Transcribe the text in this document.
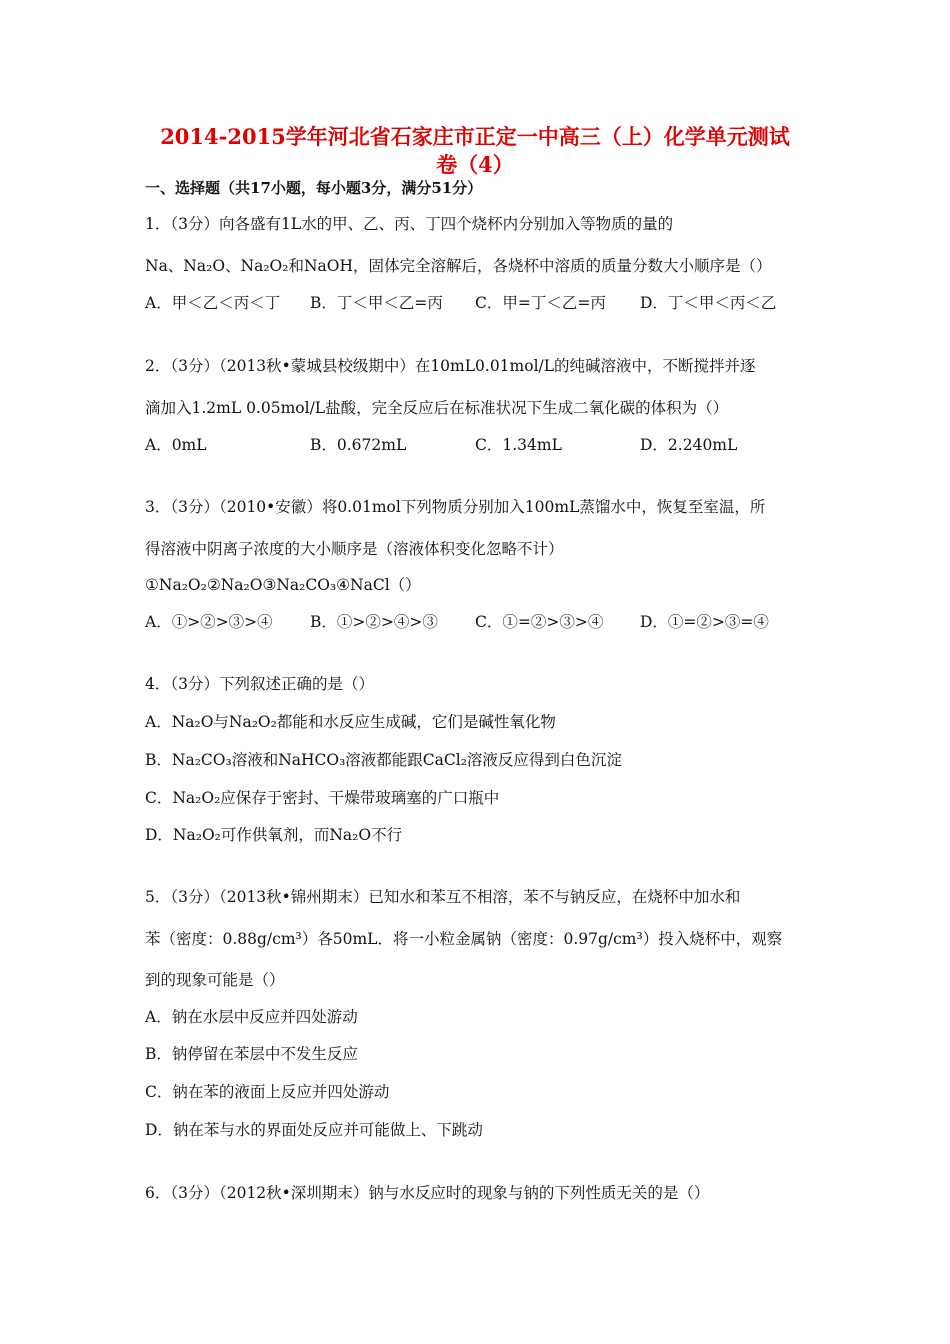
2014-2015学年河北省石家庄市正定一中高三（上）化学单元测试
卷（4）
一、选择题（共17小题，每小题3分，满分51分）
1．（3分）向各盛有1L水的甲、乙、丙、丁四个烧杯内分别加入等物质的量的
Na、Na₂O、Na₂O₂和NaOH，固体完全溶解后，各烧杯中溶质的质量分数大小顺序是（）
A．甲＜乙＜丙＜丁 B．丁＜甲＜乙=丙 C．甲=丁＜乙=丙 D．丁＜甲＜丙＜乙
2．（3分）（2013秋•蒙城县校级期中）在10mL0.01mol/L的纯碱溶液中，不断搅拌并逐
滴加入1.2mL 0.05mol/L盐酸，完全反应后在标准状况下生成二氧化碳的体积为（）
A．0mL	B．0.672mL	C．1.34mL	D．2.240mL
3．（3分）（2010•安徽）将0.01mol下列物质分别加入100mL蒸馏水中，恢复至室温，所
得溶液中阴离子浓度的大小顺序是（溶液体积变化忽略不计）
①Na₂O₂②Na₂O③Na₂CO₃④NaCl（）
A．①>②>③>④ B．①>②>④>③ C．①=②>③>④ D．①=②>③=④
4．（3分）下列叙述正确的是（）
A．Na₂O与Na₂O₂都能和水反应生成碱，它们是碱性氧化物
B．Na₂CO₃溶液和NaHCO₃溶液都能跟CaCl₂溶液反应得到白色沉淀
C．Na₂O₂应保存于密封、干燥带玻璃塞的广口瓶中
D．Na₂O₂可作供氧剂，而Na₂O不行
5．（3分）（2013秋•锦州期末）已知水和苯互不相溶，苯不与钠反应，在烧杯中加水和
苯（密度：0.88g/cm³）各50mL．将一小粒金属钠（密度：0.97g/cm³）投入烧杯中，观察
到的现象可能是（）
A．钠在水层中反应并四处游动
B．钠停留在苯层中不发生反应
C．钠在苯的液面上反应并四处游动
D．钠在苯与水的界面处反应并可能做上、下跳动
6．（3分）（2012秋•深圳期末）钠与水反应时的现象与钠的下列性质无关的是（）
